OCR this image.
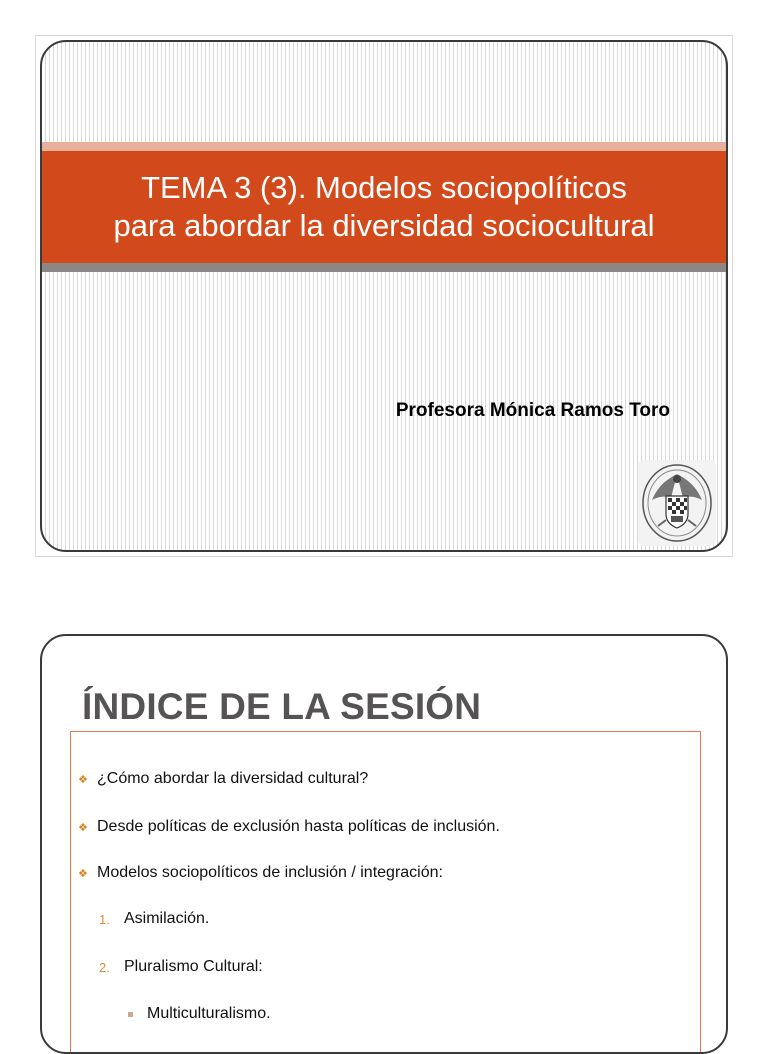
TEMA 3 (3). Modelos sociopolíticos
para abordar la diversidad sociocultural
Profesora Mónica Ramos Toro
ÍNDICE DE LA SESIÓN
❖ ¿Cómo abordar la diversidad cultural?
❖ Desde políticas de exclusión hasta políticas de inclusión.
❖ Modelos sociopolíticos de inclusión / integración:
1. Asimilación.
2. Pluralismo Cultural:
Multiculturalismo.
